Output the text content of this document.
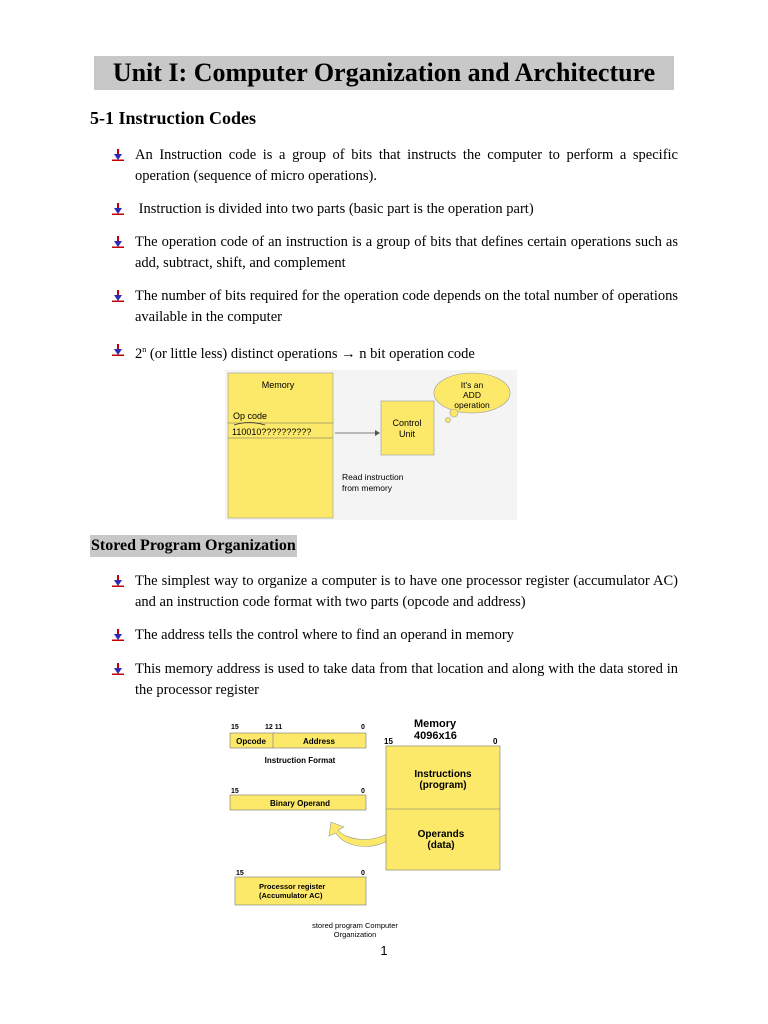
Unit I: Computer Organization and Architecture
5-1 Instruction Codes
An Instruction code is a group of bits that instructs the computer to perform a specific operation (sequence of micro operations).
Instruction is divided into two parts (basic part is the operation part)
The operation code of an instruction is a group of bits that defines certain operations such as add, subtract, shift, and complement
The number of bits required for the operation code depends on the total number of operations available in the computer
2$^n$ (or little less) distinct operations → n bit operation code
Memory
Op code
110010??????????
Control
Unit
Read instruction
from memory
It's an
ADD
operation
Stored Program Organization
The simplest way to organize a computer is to have one processor register (accumulator AC) and an instruction code format with two parts (opcode and address)
The address tells the control where to find an operand in memory
This memory address is used to take data from that location and along with the data stored in the processor register
15	12 11	0
Opcode	Address
Instruction Format
15	0
Binary Operand
15	0
Processor register
(Accumulator AC)
Memory
4096x16
15	0
Instructions
(program)
Operands
(data)
stored program Computer
Organization
1
